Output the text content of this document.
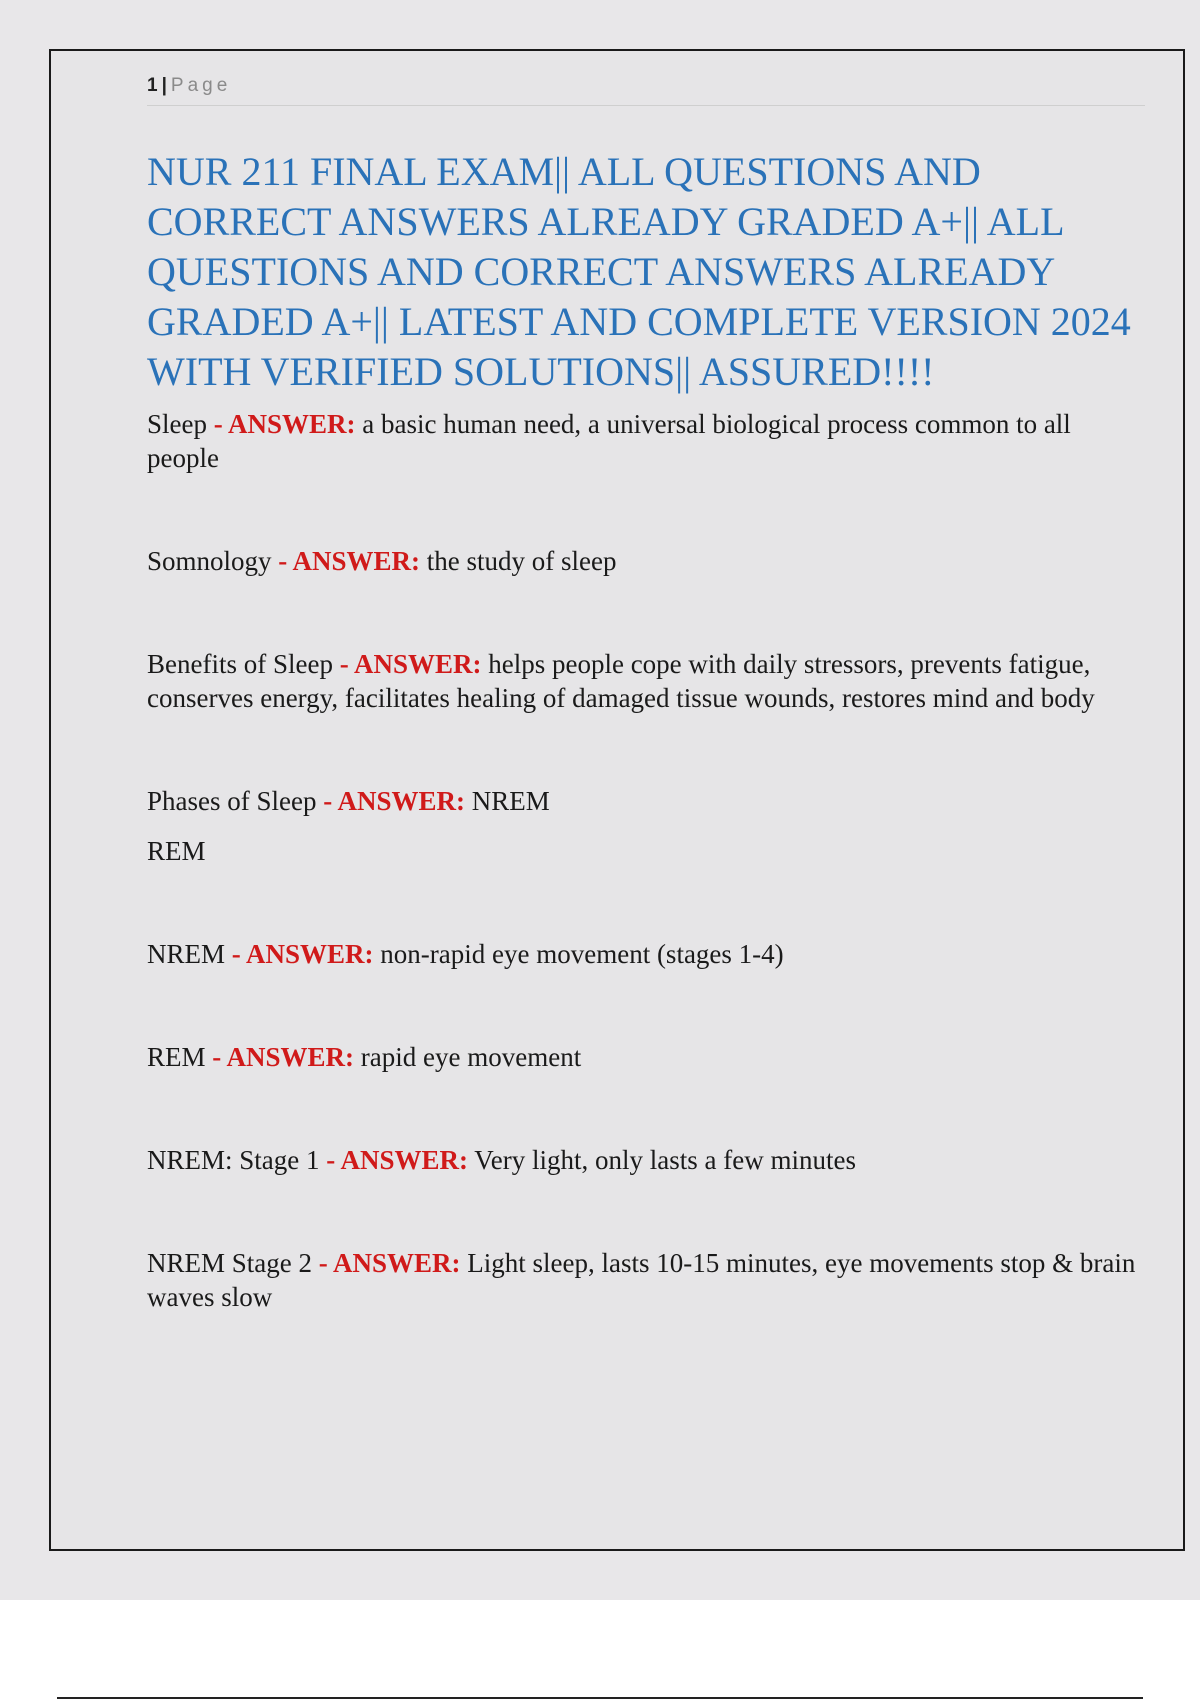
1 | Page
NUR 211 FINAL EXAM|| ALL QUESTIONS AND CORRECT ANSWERS ALREADY GRADED A+|| ALL QUESTIONS AND CORRECT ANSWERS ALREADY GRADED A+|| LATEST AND COMPLETE VERSION 2024 WITH VERIFIED SOLUTIONS|| ASSURED!!!!

Sleep - ANSWER: a basic human need, a universal biological process common to all people

Somnology - ANSWER: the study of sleep

Benefits of Sleep - ANSWER: helps people cope with daily stressors, prevents fatigue, conserves energy, facilitates healing of damaged tissue wounds, restores mind and body

Phases of Sleep - ANSWER: NREM

REM

NREM - ANSWER: non-rapid eye movement (stages 1-4)

REM - ANSWER: rapid eye movement

NREM: Stage 1 - ANSWER: Very light, only lasts a few minutes

NREM Stage 2 - ANSWER: Light sleep, lasts 10-15 minutes, eye movements stop & brain waves slow
